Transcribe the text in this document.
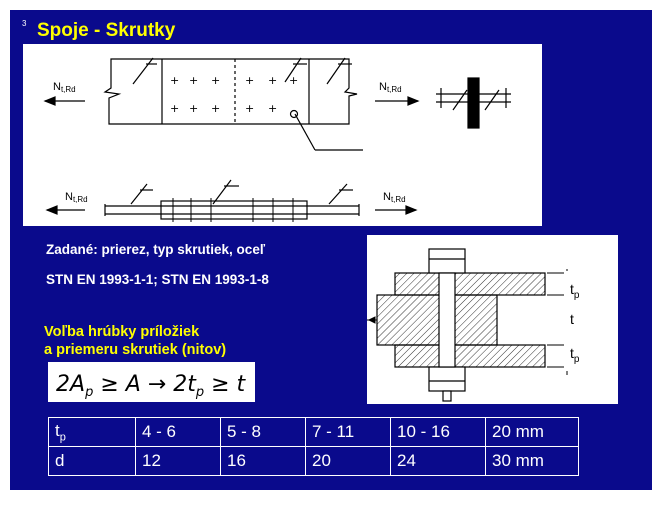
3 Spoje - Skrutky
+ + + + + +
+ + + + +
Nt,Rd	Nt,Rd
Nt,Rd	Nt,Rd
$t_p$
t
$t_p$
Zadané: prierez, typ skrutiek, oceľ
STN EN 1993-1-1; STN EN 1993-1-8
Voľba hrúbky príložiek
a priemeru skrutiek (nitov)
$2A_p \ge A \to 2t_p \ge t$
$t_p$	4 - 6	5 - 8	7 - 11	10 - 16	20 mm
d	12	16	20	24	30 mm
